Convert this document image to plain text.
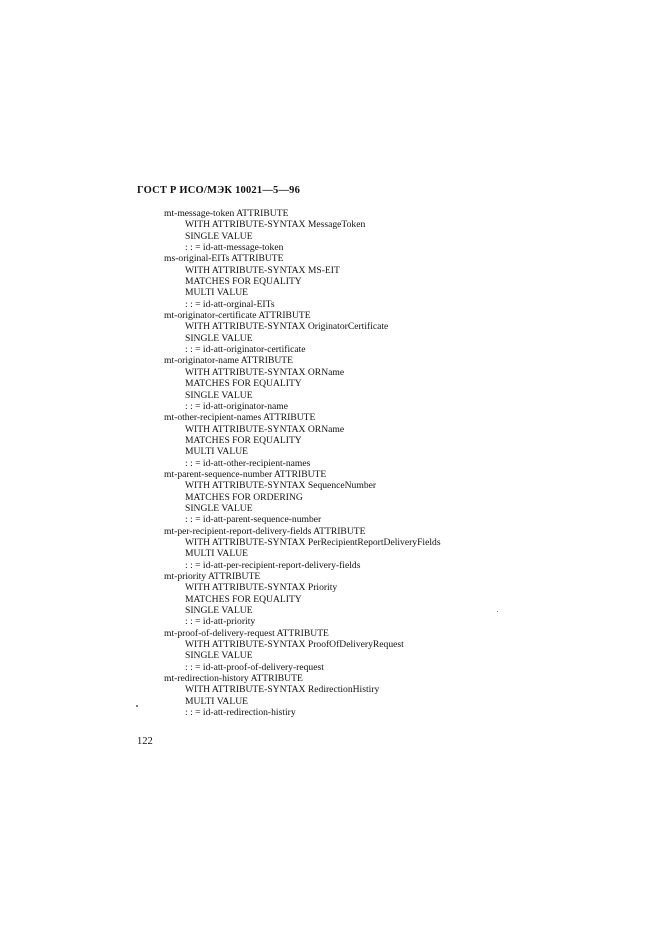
ГОСТ Р ИСО/МЭК 10021—5—96
mt-message-token ATTRIBUTE
WITH ATTRIBUTE-SYNTAX MessageToken
SINGLE VALUE
: : = id-att-message-token
ms-original-EITs ATTRIBUTE
WITH ATTRIBUTE-SYNTAX MS-EIT
MATCHES FOR EQUALITY
MULTI VALUE
: : = id-att-orginal-EITs
mt-originator-certificate ATTRIBUTE
WITH ATTRIBUTE-SYNTAX OriginatorCertificate
SINGLE VALUE
: : = id-att-originator-certificate
mt-originator-name ATTRIBUTE
WITH ATTRIBUTE-SYNTAX ORName
MATCHES FOR EQUALITY
SINGLE VALUE
: : = id-att-originator-name
mt-other-recipient-names ATTRIBUTE
WITH ATTRIBUTE-SYNTAX ORName
MATCHES FOR EQUALITY
MULTI VALUE
: : = id-att-other-recipient-names
mt-parent-sequence-number ATTRIBUTE
WITH ATTRIBUTE-SYNTAX SequenceNumber
MATCHES FOR ORDERING
SINGLE VALUE
: : = id-att-parent-sequence-number
mt-per-recipient-report-delivery-fields ATTRIBUTE
WITH ATTRIBUTE-SYNTAX PerRecipientReportDeliveryFields
MULTI VALUE
: : = id-att-per-recipient-report-delivery-fields
mt-priority ATTRIBUTE
WITH ATTRIBUTE-SYNTAX Priority
MATCHES FOR EQUALITY
SINGLE VALUE
: : = id-att-priority
mt-proof-of-delivery-request ATTRIBUTE
WITH ATTRIBUTE-SYNTAX ProofOfDeliveryRequest
SINGLE VALUE
: : = id-att-proof-of-delivery-request
mt-redirection-history ATTRIBUTE
WITH ATTRIBUTE-SYNTAX RedirectionHistiry
MULTI VALUE
: : = id-att-redirection-histiry
122
